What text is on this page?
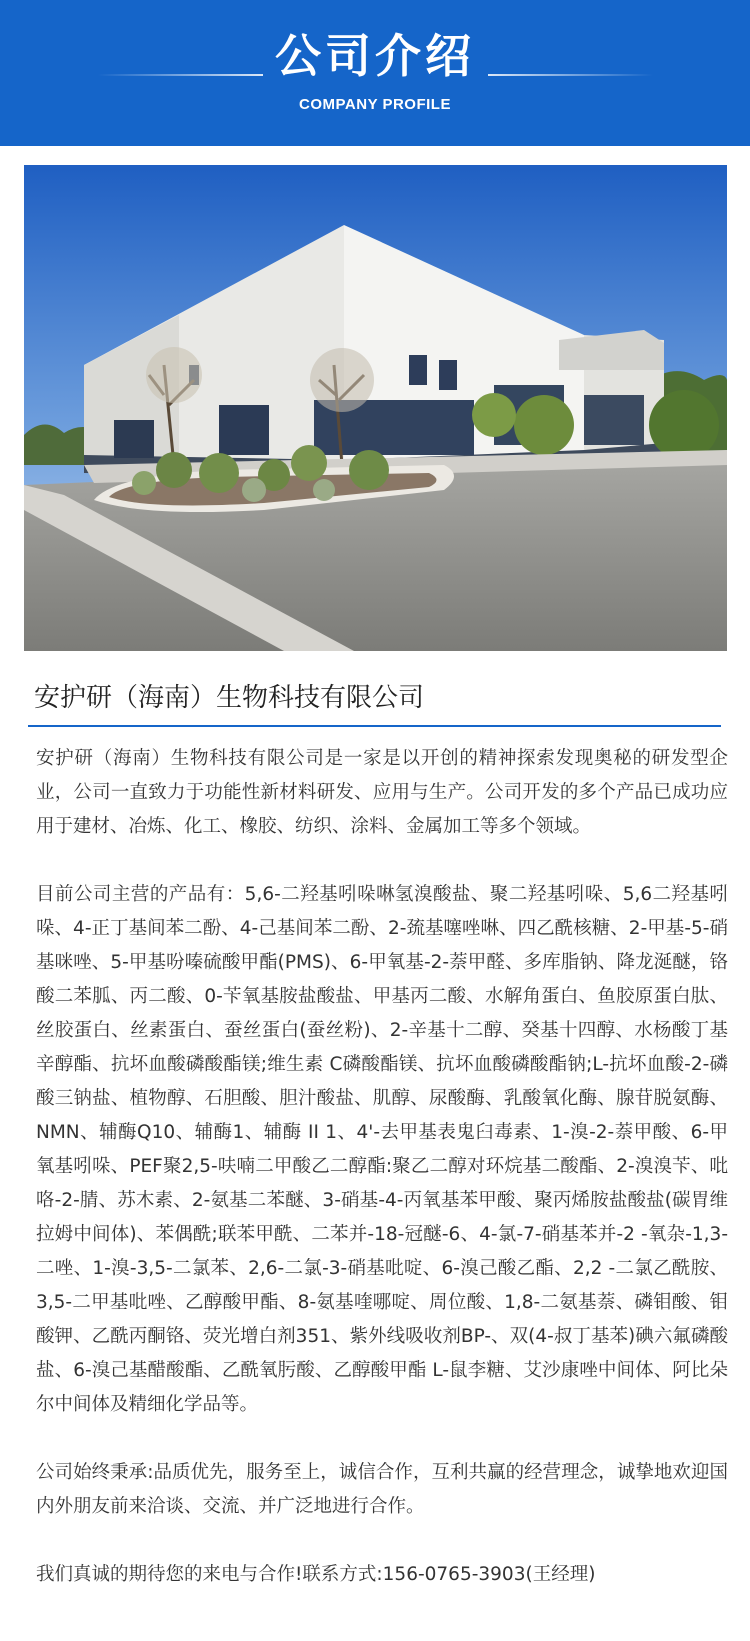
公司介绍
COMPANY PROFILE
安护研（海南）生物科技有限公司

安护研（海南）生物科技有限公司是一家是以开创的精神探索发现奥秘的研发型企业，公司一直致力于功能性新材料研发、应用与生产。公司开发的多个产品已成功应用于建材、冶炼、化工、橡胶、纺织、涂料、金属加工等多个领域。

目前公司主营的产品有：5,6-二羟基吲哚啉氢溴酸盐、聚二羟基吲哚、5,6二羟基吲哚、4-正丁基间苯二酚、4-己基间苯二酚、2-巯基噻唑啉、四乙酰核糖、2-甲基-5-硝基咪唑、5-甲基吩嗪硫酸甲酯(PMS)、6-甲氧基-2-萘甲醛、多库脂钠、降龙涎醚，铬酸二苯胍、丙二酸、0-苄氧基胺盐酸盐、甲基丙二酸、水解角蛋白、鱼胶原蛋白肽、丝胶蛋白、丝素蛋白、蚕丝蛋白(蚕丝粉)、2-辛基十二醇、癸基十四醇、水杨酸丁基辛醇酯、抗坏血酸磷酸酯镁;维生素 C磷酸酯镁、抗坏血酸磷酸酯钠;L-抗坏血酸-2-磷酸三钠盐、植物醇、石胆酸、胆汁酸盐、肌醇、尿酸酶、乳酸氧化酶、腺苷脱氨酶、NMN、辅酶Q10、辅酶1、辅酶 II 1、4'-去甲基表鬼臼毒素、1-溴-2-萘甲酸、6-甲氧基吲哚、PEF聚2,5-呋喃二甲酸乙二醇酯:聚乙二醇对环烷基二酸酯、2-溴溴苄、吡咯-2-腈、苏木素、2-氨基二苯醚、3-硝基-4-丙氧基苯甲酸、聚丙烯胺盐酸盐(碳胃维拉姆中间体)、苯偶酰;联苯甲酰、二苯并-18-冠醚-6、4-氯-7-硝基苯并-2 -氧杂-1,3-二唑、1-溴-3,5-二氯苯、2,6-二氯-3-硝基吡啶、6-溴己酸乙酯、2,2 -二氯乙酰胺、3,5-二甲基吡唑、乙醇酸甲酯、8-氨基喹哪啶、周位酸、1,8-二氨基萘、磷钼酸、钼酸钾、乙酰丙酮铬、荧光增白剂351、紫外线吸收剂BP-、双(4-叔丁基苯)碘六氟磷酸盐、6-溴己基醋酸酯、乙酰氧肟酸、乙醇酸甲酯 L-鼠李糖、艾沙康唑中间体、阿比朵尔中间体及精细化学品等。

公司始终秉承:品质优先，服务至上，诚信合作，互利共赢的经营理念，诚挚地欢迎国内外朋友前来洽谈、交流、并广泛地进行合作。

我们真诚的期待您的来电与合作!联系方式:156-0765-3903(王经理)
